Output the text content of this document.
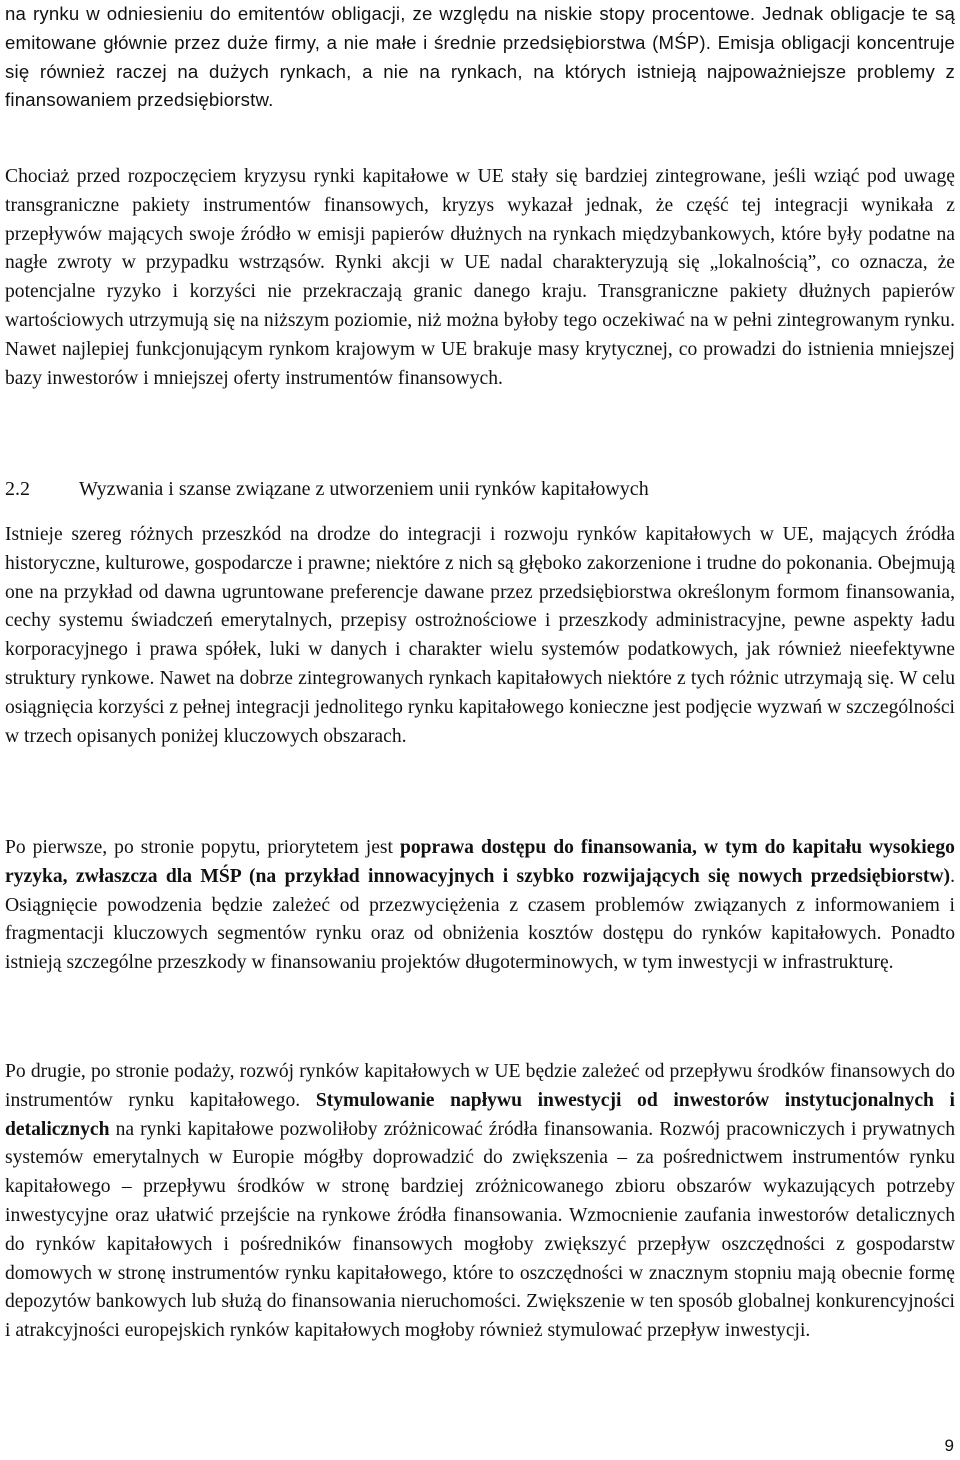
na rynku w odniesieniu do emitentów obligacji, ze względu na niskie stopy procentowe. Jednak obligacje te są emitowane głównie przez duże firmy, a nie małe i średnie przedsiębiorstwa (MŚP). Emisja obligacji koncentruje się również raczej na dużych rynkach, a nie na rynkach, na których istnieją najpoważniejsze problemy z finansowaniem przedsiębiorstw.

Chociaż przed rozpoczęciem kryzysu rynki kapitałowe w UE stały się bardziej zintegrowane, jeśli wziąć pod uwagę transgraniczne pakiety instrumentów finansowych, kryzys wykazał jednak, że część tej integracji wynikała z przepływów mających swoje źródło w emisji papierów dłużnych na rynkach międzybankowych, które były podatne na nagłe zwroty w przypadku wstrząsów. Rynki akcji w UE nadal charakteryzują się „lokalnością”, co oznacza, że potencjalne ryzyko i korzyści nie przekraczają granic danego kraju. Transgraniczne pakiety dłużnych papierów wartościowych utrzymują się na niższym poziomie, niż można byłoby tego oczekiwać na w pełni zintegrowanym rynku. Nawet najlepiej funkcjonującym rynkom krajowym w UE brakuje masy krytycznej, co prowadzi do istnienia mniejszej bazy inwestorów i mniejszej oferty instrumentów finansowych.

2.2	Wyzwania i szanse związane z utworzeniem unii rynków kapitałowych

Istnieje szereg różnych przeszkód na drodze do integracji i rozwoju rynków kapitałowych w UE, mających źródła historyczne, kulturowe, gospodarcze i prawne; niektóre z nich są głęboko zakorzenione i trudne do pokonania. Obejmują one na przykład od dawna ugruntowane preferencje dawane przez przedsiębiorstwa określonym formom finansowania, cechy systemu świadczeń emerytalnych, przepisy ostrożnościowe i przeszkody administracyjne, pewne aspekty ładu korporacyjnego i prawa spółek, luki w danych i charakter wielu systemów podatkowych, jak również nieefektywne struktury rynkowe. Nawet na dobrze zintegrowanych rynkach kapitałowych niektóre z tych różnic utrzymają się. W celu osiągnięcia korzyści z pełnej integracji jednolitego rynku kapitałowego konieczne jest podjęcie wyzwań w szczególności w trzech opisanych poniżej kluczowych obszarach.

Po pierwsze, po stronie popytu, priorytetem jest poprawa dostępu do finansowania, w tym do kapitału wysokiego ryzyka, zwłaszcza dla MŚP (na przykład innowacyjnych i szybko rozwijających się nowych przedsiębiorstw). Osiągnięcie powodzenia będzie zależeć od przezwyciężenia z czasem problemów związanych z informowaniem i fragmentacji kluczowych segmentów rynku oraz od obniżenia kosztów dostępu do rynków kapitałowych. Ponadto istnieją szczególne przeszkody w finansowaniu projektów długoterminowych, w tym inwestycji w infrastrukturę.

Po drugie, po stronie podaży, rozwój rynków kapitałowych w UE będzie zależeć od przepływu środków finansowych do instrumentów rynku kapitałowego. Stymulowanie napływu inwestycji od inwestorów instytucjonalnych i detalicznych na rynki kapitałowe pozwoliłoby zróżnicować źródła finansowania. Rozwój pracowniczych i prywatnych systemów emerytalnych w Europie mógłby doprowadzić do zwiększenia – za pośrednictwem instrumentów rynku kapitałowego – przepływu środków w stronę bardziej zróżnicowanego zbioru obszarów wykazujących potrzeby inwestycyjne oraz ułatwić przejście na rynkowe źródła finansowania. Wzmocnienie zaufania inwestorów detalicznych do rynków kapitałowych i pośredników finansowych mogłoby zwiększyć przepływ oszczędności z gospodarstw domowych w stronę instrumentów rynku kapitałowego, które to oszczędności w znacznym stopniu mają obecnie formę depozytów bankowych lub służą do finansowania nieruchomości. Zwiększenie w ten sposób globalnej konkurencyjności i atrakcyjności europejskich rynków kapitałowych mogłoby również stymulować przepływ inwestycji.

9
